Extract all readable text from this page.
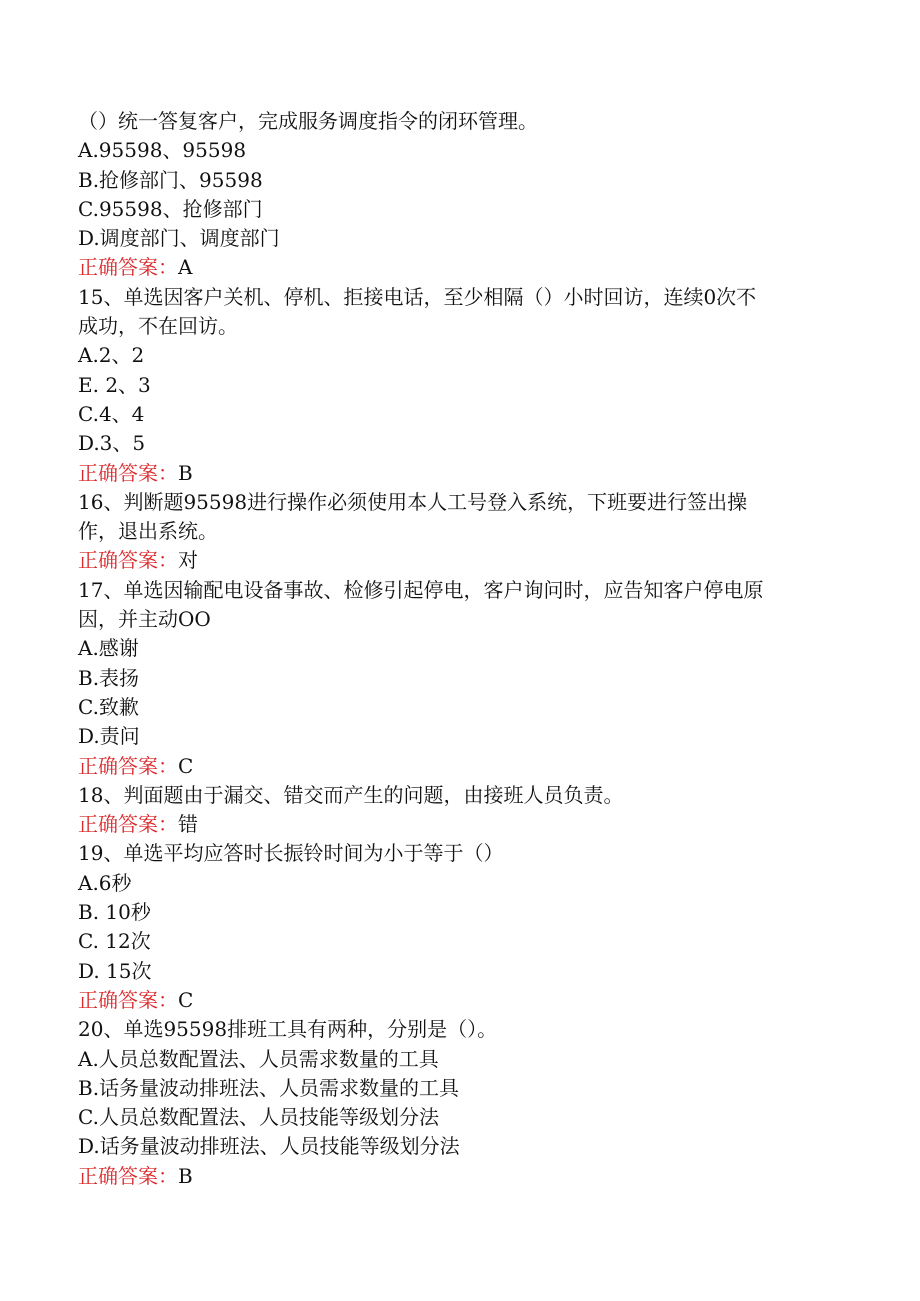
（）统一答复客户，完成服务调度指令的闭环管理。
A.95598、95598
B.抢修部门、95598
C.95598、抢修部门
D.调度部门、调度部门
正确答案：A
15、单选因客户关机、停机、拒接电话，至少相隔（）小时回访，连续0次不
成功，不在回访。
A.2、2
E. 2、3
C.4、4
D.3、5
正确答案：B
16、判断题95598进行操作必须使用本人工号登入系统，下班要进行签出操
作，退出系统。
正确答案：对
17、单选因输配电设备事故、检修引起停电，客户询问时，应告知客户停电原
因，并主动OO
A.感谢
B.表扬
C.致歉
D.责问
正确答案：C
18、判面题由于漏交、错交而产生的问题，由接班人员负责。
正确答案：错
19、单选平均应答时长振铃时间为小于等于（）
A.6秒
B. 10秒
C. 12次
D. 15次
正确答案：C
20、单选95598排班工具有两种，分别是（）。
A.人员总数配置法、人员需求数量的工具
B.话务量波动排班法、人员需求数量的工具
C.人员总数配置法、人员技能等级划分法
D.话务量波动排班法、人员技能等级划分法
正确答案：B
